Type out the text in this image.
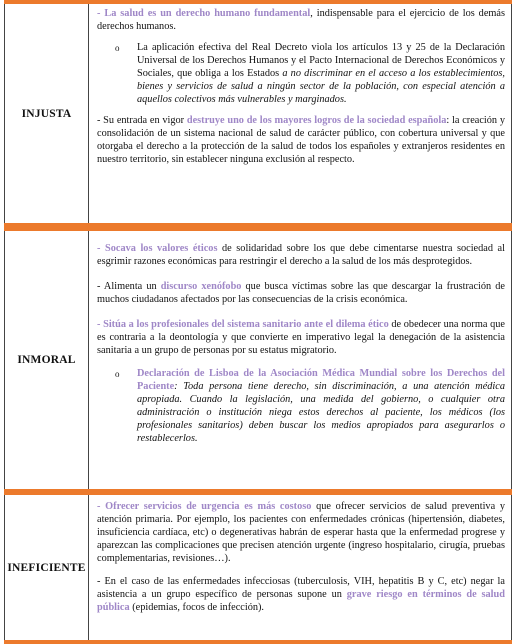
INJUSTA

- La salud es un derecho humano fundamental, indispensable para el ejercicio de los demás derechos humanos.

o	La aplicación efectiva del Real Decreto viola los artículos 13 y 25 de la Declaración Universal de los Derechos Humanos y el Pacto Internacional de Derechos Económicos y Sociales, que obliga a los Estados a no discriminar en el acceso a los establecimientos, bienes y servicios de salud a ningún sector de la población, con especial atención a aquellos colectivos más vulnerables y marginados.

- Su entrada en vigor destruye uno de los mayores logros de la sociedad española: la creación y consolidación de un sistema nacional de salud de carácter público, con cobertura universal y que otorgaba el derecho a la protección de la salud de todos los españoles y extranjeros residentes en nuestro territorio, sin establecer ninguna exclusión al respecto.

INMORAL

- Socava los valores éticos de solidaridad sobre los que debe cimentarse nuestra sociedad al esgrimir razones económicas para restringir el derecho a la salud de los más desprotegidos.

- Alimenta un discurso xenófobo que busca víctimas sobre las que descargar la frustración de muchos ciudadanos afectados por las consecuencias de la crisis económica.

- Sitúa a los profesionales del sistema sanitario ante el dilema ético de obedecer una norma que es contraria a la deontología y que convierte en imperativo legal la denegación de la asistencia sanitaria a un grupo de personas por su estatus migratorio.

o	Declaración de Lisboa de la Asociación Médica Mundial sobre los Derechos del Paciente: Toda persona tiene derecho, sin discriminación, a una atención médica apropiada. Cuando la legislación, una medida del gobierno, o cualquier otra administración o institución niega estos derechos al paciente, los médicos (los profesionales sanitarios) deben buscar los medios apropiados para asegurarlos o restablecerlos.
INEFICIENTE

- Ofrecer servicios de urgencia es más costoso que ofrecer servicios de salud preventiva y atención primaria. Por ejemplo, los pacientes con enfermedades crónicas (hipertensión, diabetes, insuficiencia cardíaca, etc) o degenerativas habrán de esperar hasta que la enfermedad progrese y aparezcan las complicaciones que precisen atención urgente (ingreso hospitalario, cirugía, pruebas complementarias, revisiones…).

- En el caso de las enfermedades infecciosas (tuberculosis, VIH, hepatitis B y C, etc) negar la asistencia a un grupo específico de personas supone un grave riesgo en términos de salud pública (epidemias, focos de infección).
